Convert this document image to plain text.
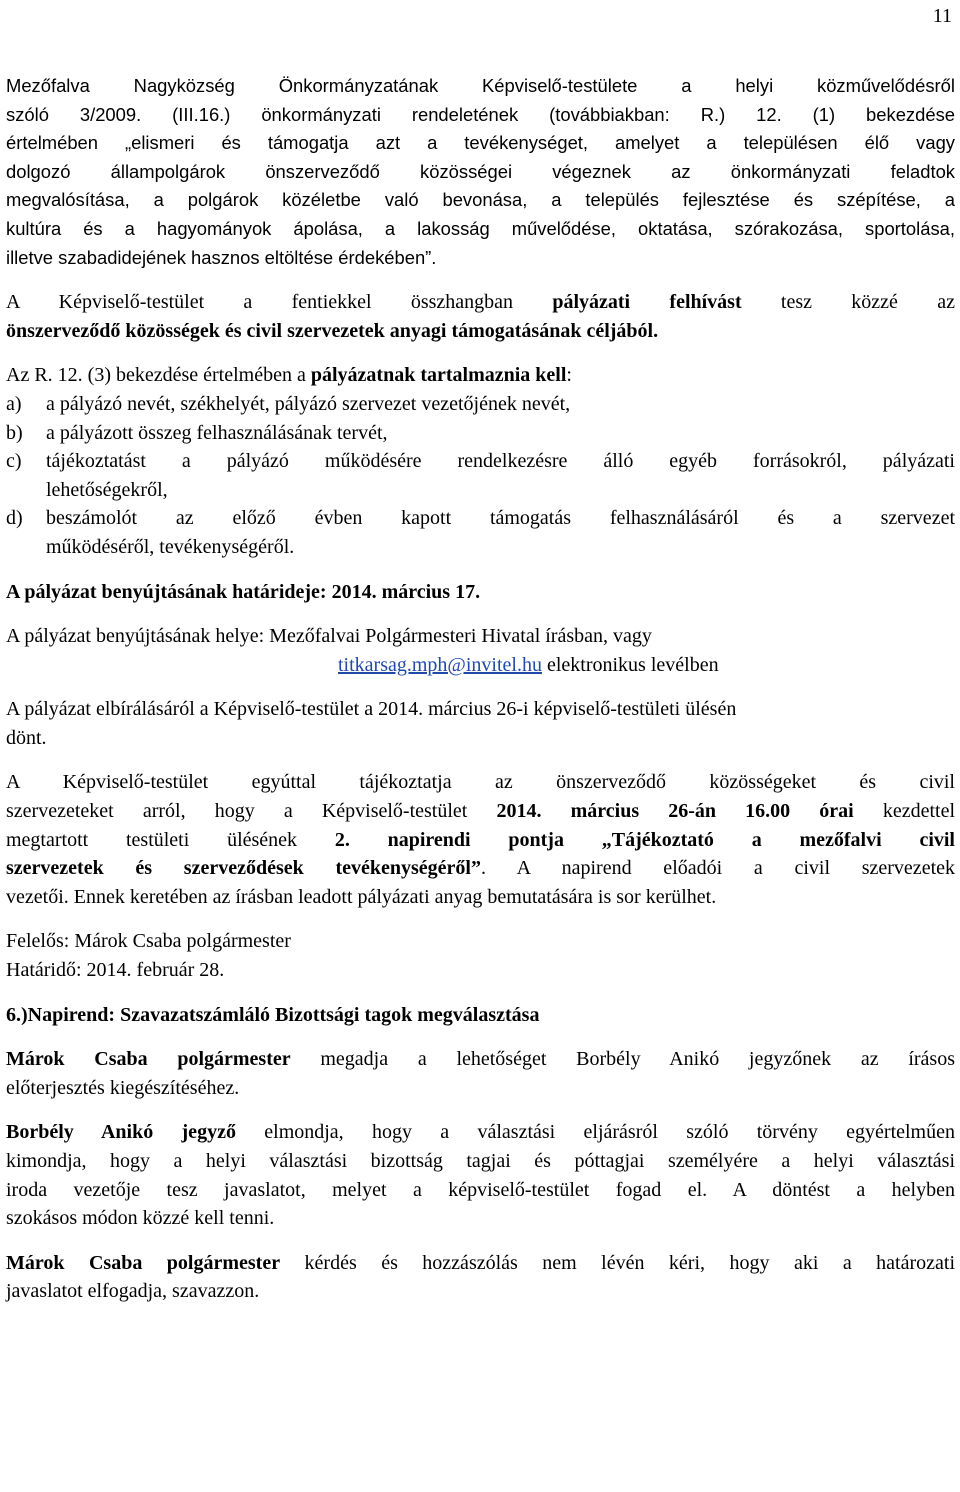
11
Mezőfalva Nagyközség Önkormányzatának Képviselő-testülete a helyi közművelődésről
szóló 3/2009. (III.16.) önkormányzati rendeletének (továbbiakban: R.) 12. (1) bekezdése
értelmében „elismeri és támogatja azt a tevékenységet, amelyet a településen élő vagy
dolgozó állampolgárok önszerveződő közösségei végeznek az önkormányzati feladtok
megvalósítása, a polgárok közéletbe való bevonása, a település fejlesztése és szépítése, a
kultúra és a hagyományok ápolása, a lakosság művelődése, oktatása, szórakozása, sportolása,
illetve szabadidejének hasznos eltöltése érdekében”.
A Képviselő-testület a fentiekkel összhangban pályázati felhívást tesz közzé az
önszerveződő közösségek és civil szervezetek anyagi támogatásának céljából.
Az R. 12. (3) bekezdése értelmében a pályázatnak tartalmaznia kell:
a)	a pályázó nevét, székhelyét, pályázó szervezet vezetőjének nevét,
b)	a pályázott összeg felhasználásának tervét,
c)	tájékoztatást a pályázó működésére rendelkezésre álló egyéb forrásokról, pályázati
lehetőségekről,
d)	beszámolót az előző évben kapott támogatás felhasználásáról és a szervezet
működéséről, tevékenységéről.
A pályázat benyújtásának határideje: 2014. március 17.
A pályázat benyújtásának helye: Mezőfalvai Polgármesteri Hivatal írásban, vagy
titkarsag.mph@invitel.hu elektronikus levélben
A pályázat elbírálásáról a Képviselő-testület a 2014. március 26-i képviselő-testületi ülésén
dönt.
A Képviselő-testület egyúttal tájékoztatja az önszerveződő közösségeket és civil
szervezeteket arról, hogy a Képviselő-testület 2014. március 26-án 16.00 órai kezdettel
megtartott testületi ülésének 2. napirendi pontja „Tájékoztató a mezőfalvi civil
szervezetek és szerveződések tevékenységéről”. A napirend előadói a civil szervezetek
vezetői. Ennek keretében az írásban leadott pályázati anyag bemutatására is sor kerülhet.
Felelős: Márok Csaba polgármester
Határidő: 2014. február 28.
6.)Napirend: Szavazatszámláló Bizottsági tagok megválasztása
Márok Csaba polgármester megadja a lehetőséget Borbély Anikó jegyzőnek az írásos
előterjesztés kiegészítéséhez.
Borbély Anikó jegyző elmondja, hogy a választási eljárásról szóló törvény egyértelműen
kimondja, hogy a helyi választási bizottság tagjai és póttagjai személyére a helyi választási
iroda vezetője tesz javaslatot, melyet a képviselő-testület fogad el. A döntést a helyben
szokásos módon közzé kell tenni.
Márok Csaba polgármester kérdés és hozzászólás nem lévén kéri, hogy aki a határozati
javaslatot elfogadja, szavazzon.
